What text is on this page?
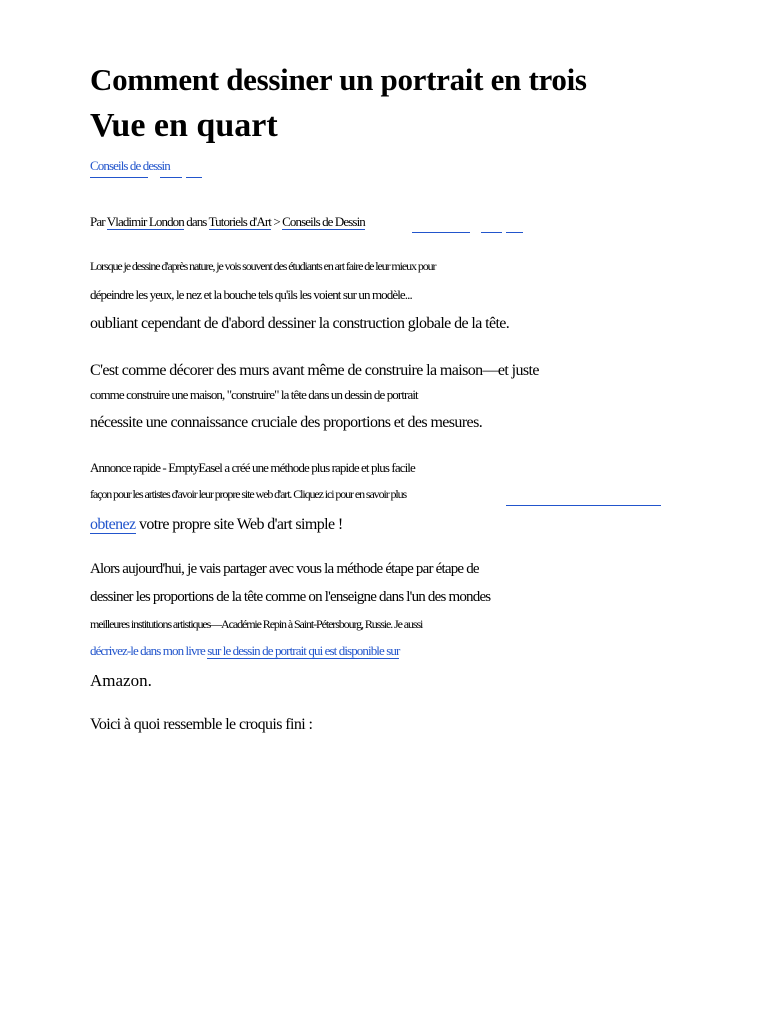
Comment dessiner un portrait en trois
Vue en quart
Conseils de dessin
Par Vladimir London dans Tutoriels d'Art > Conseils de Dessin
Lorsque je dessine d'après nature, je vois souvent des étudiants en art faire de leur mieux pour
dépeindre les yeux, le nez et la bouche tels qu'ils les voient sur un modèle...
oubliant cependant de d'abord dessiner la construction globale de la tête.
C'est comme décorer des murs avant même de construire la maison—et juste
comme construire une maison, "construire" la tête dans un dessin de portrait
nécessite une connaissance cruciale des proportions et des mesures.
Annonce rapide - EmptyEasel a créé une méthode plus rapide et plus facile
façon pour les artistes d'avoir leur propre site web d'art. Cliquez ici pour en savoir plus
obtenez votre propre site Web d'art simple !
Alors aujourd'hui, je vais partager avec vous la méthode étape par étape de
dessiner les proportions de la tête comme on l'enseigne dans l'un des mondes
meilleures institutions artistiques—Académie Repin à Saint-Pétersbourg, Russie. Je aussi
décrivez-le dans mon livre sur le dessin de portrait qui est disponible sur
Amazon.
Voici à quoi ressemble le croquis fini :
